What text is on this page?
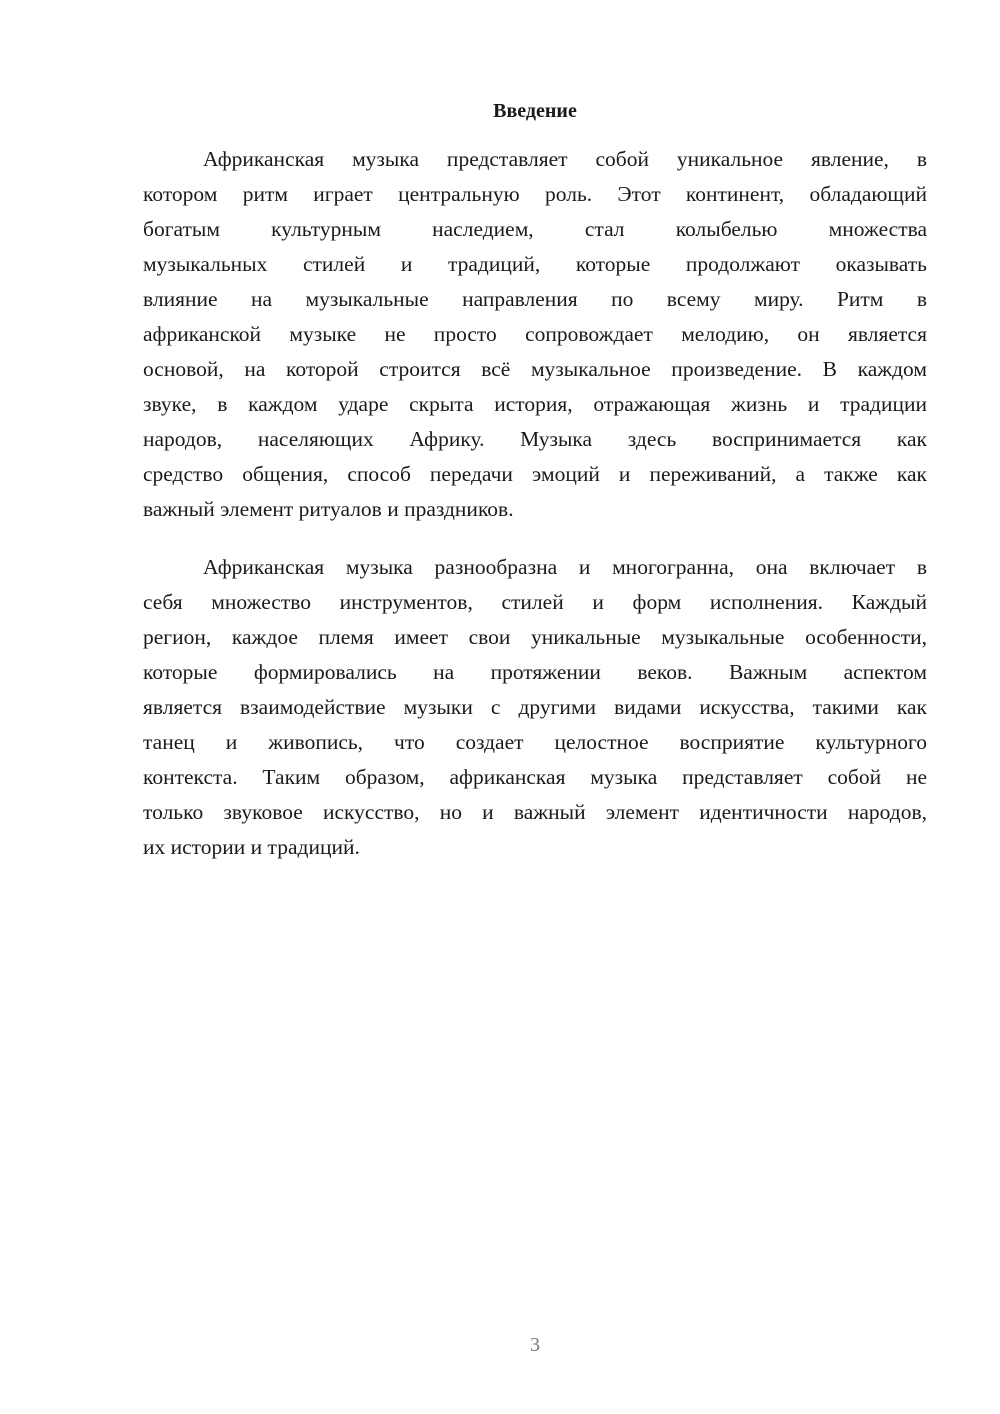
Введение
Африканская музыка представляет собой уникальное явление, в
котором ритм играет центральную роль. Этот континент, обладающий
богатым культурным наследием, стал колыбелью множества
музыкальных стилей и традиций, которые продолжают оказывать
влияние на музыкальные направления по всему миру. Ритм в
африканской музыке не просто сопровождает мелодию, он является
основой, на которой строится всё музыкальное произведение. В каждом
звуке, в каждом ударе скрыта история, отражающая жизнь и традиции
народов, населяющих Африку. Музыка здесь воспринимается как
средство общения, способ передачи эмоций и переживаний, а также как
важный элемент ритуалов и праздников.
Африканская музыка разнообразна и многогранна, она включает в
себя множество инструментов, стилей и форм исполнения. Каждый
регион, каждое племя имеет свои уникальные музыкальные особенности,
которые формировались на протяжении веков. Важным аспектом
является взаимодействие музыки с другими видами искусства, такими как
танец и живопись, что создает целостное восприятие культурного
контекста. Таким образом, африканская музыка представляет собой не
только звуковое искусство, но и важный элемент идентичности народов,
их истории и традиций.
3
